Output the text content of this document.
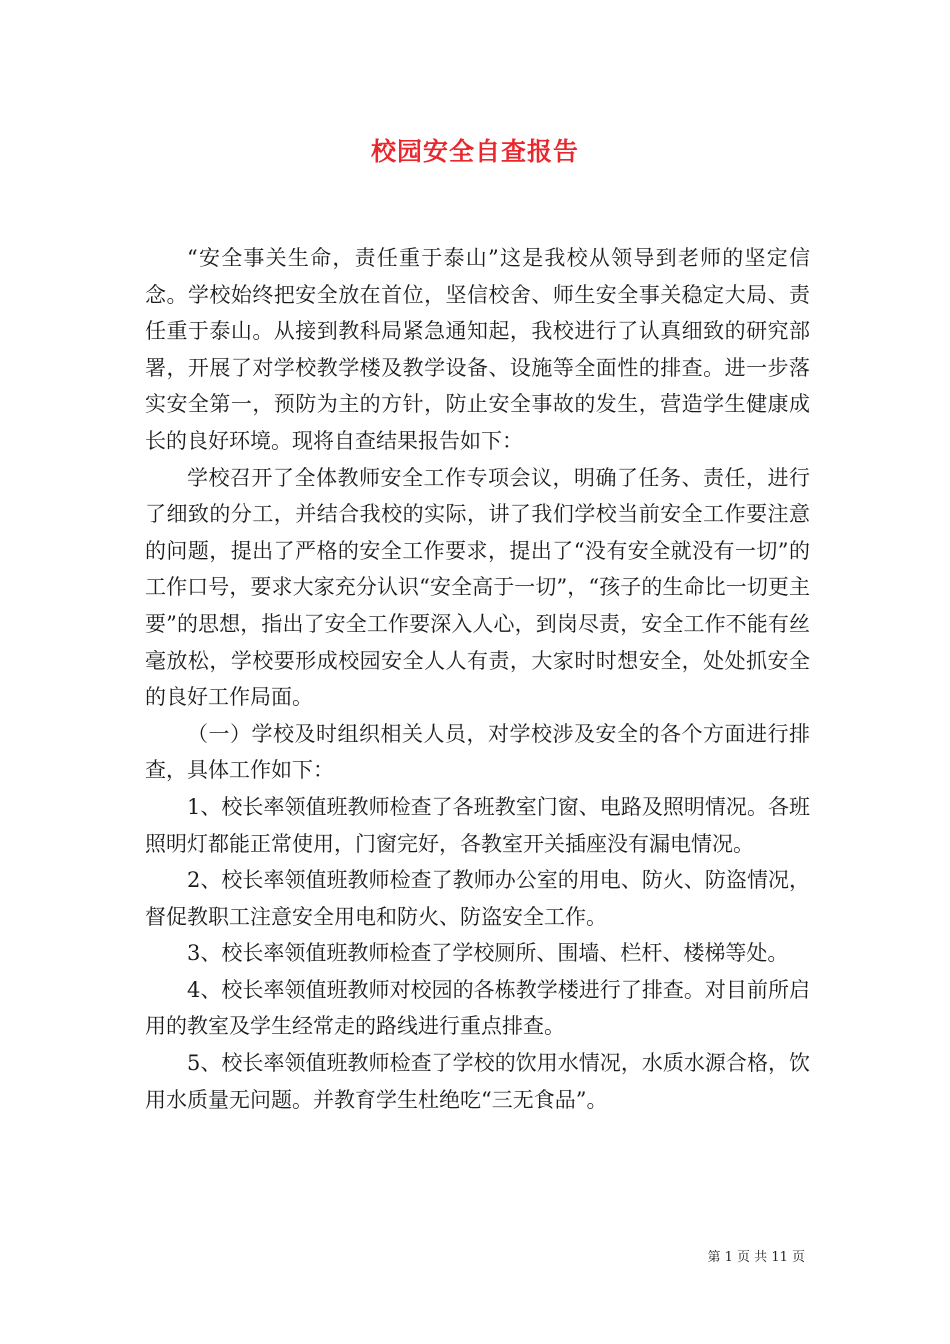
校园安全自查报告

“安全事关生命，责任重于泰山”这是我校从领导到老师的坚定信念。学校始终把安全放在首位，坚信校舍、师生安全事关稳定大局、责任重于泰山。从接到教科局紧急通知起，我校进行了认真细致的研究部署，开展了对学校教学楼及教学设备、设施等全面性的排查。进一步落实安全第一，预防为主的方针，防止安全事故的发生，营造学生健康成长的良好环境。现将自查结果报告如下：

学校召开了全体教师安全工作专项会议，明确了任务、责任，进行了细致的分工，并结合我校的实际，讲了我们学校当前安全工作要注意的问题，提出了严格的安全工作要求，提出了“没有安全就没有一切”的工作口号，要求大家充分认识“安全高于一切”，“孩子的生命比一切更主要”的思想，指出了安全工作要深入人心，到岗尽责，安全工作不能有丝毫放松，学校要形成校园安全人人有责，大家时时想安全，处处抓安全的良好工作局面。

（一）学校及时组织相关人员，对学校涉及安全的各个方面进行排查，具体工作如下：

1、校长率领值班教师检查了各班教室门窗、电路及照明情况。各班照明灯都能正常使用，门窗完好，各教室开关插座没有漏电情况。

2、校长率领值班教师检查了教师办公室的用电、防火、防盗情况，督促教职工注意安全用电和防火、防盗安全工作。

3、校长率领值班教师检查了学校厕所、围墙、栏杆、楼梯等处。

4、校长率领值班教师对校园的各栋教学楼进行了排查。对目前所启用的教室及学生经常走的路线进行重点排查。

5、校长率领值班教师检查了学校的饮用水情况，水质水源合格，饮用水质量无问题。并教育学生杜绝吃“三无食品”。

第 1 页 共 11 页
